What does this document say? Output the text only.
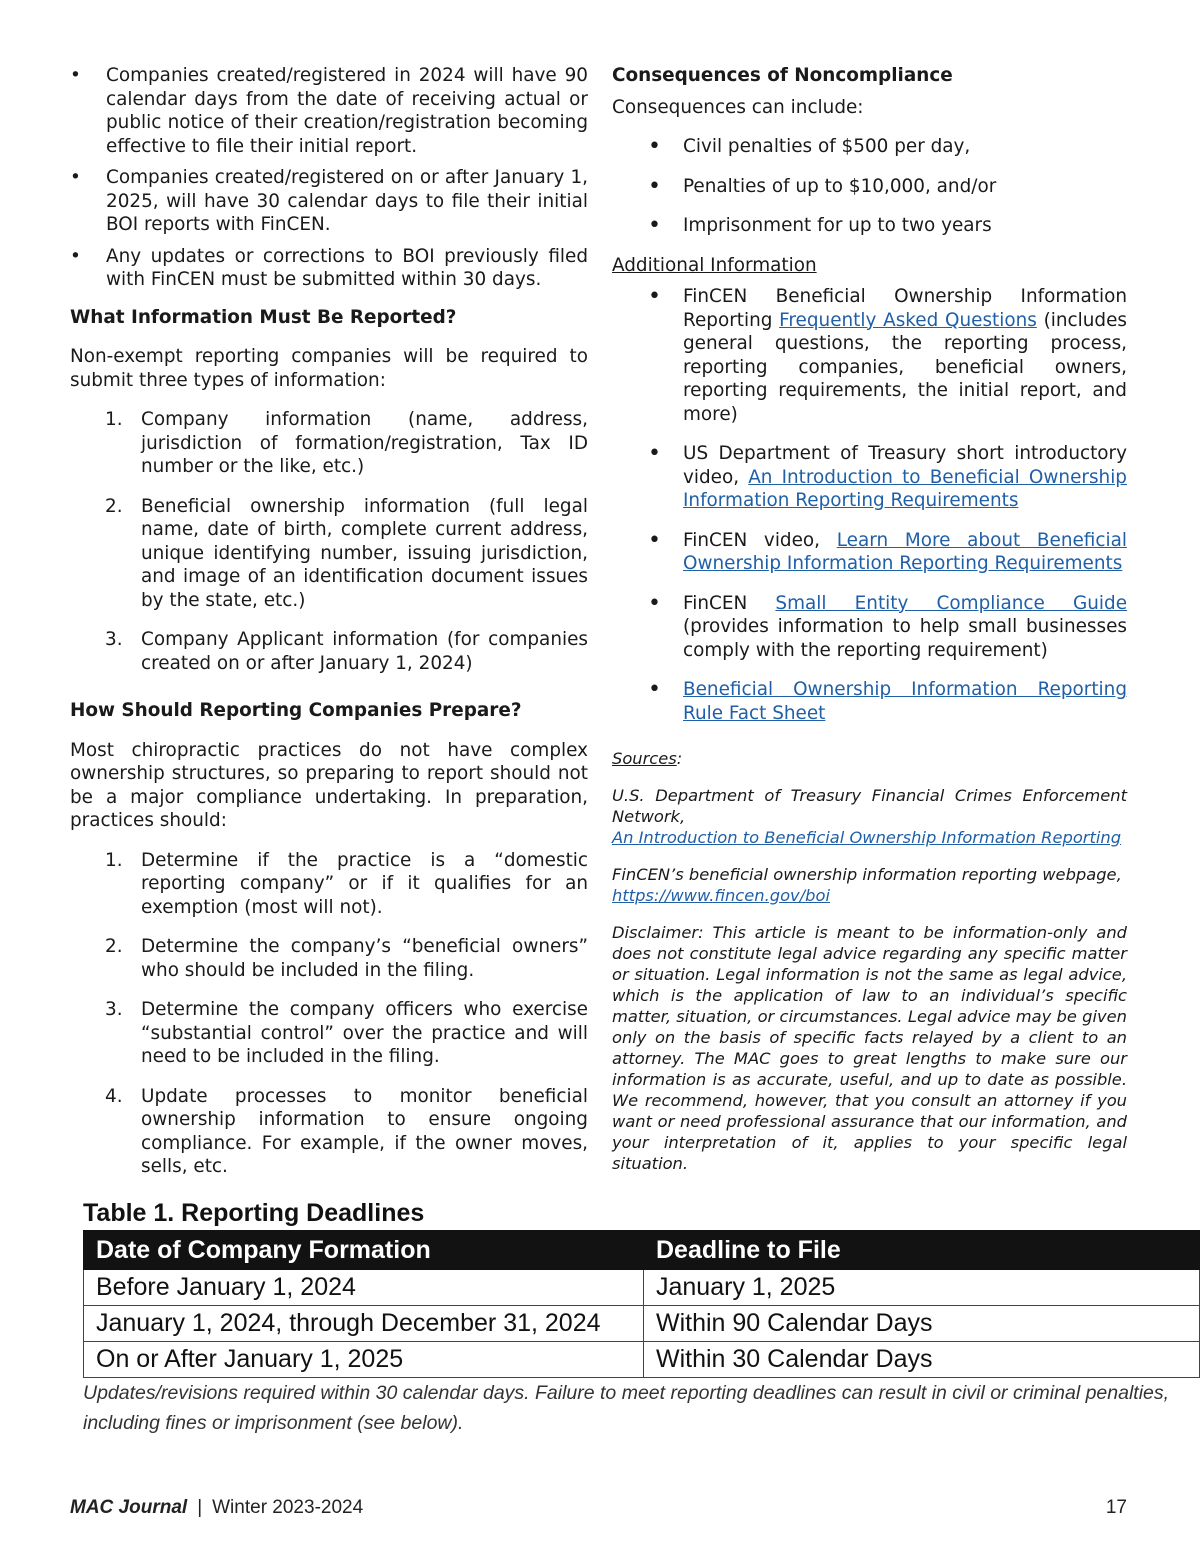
• Companies created/registered in 2024 will have 90 calendar days from the date of receiving actual or public notice of their creation/registration becoming effective to file their initial report.
• Companies created/registered on or after January 1, 2025, will have 30 calendar days to file their initial BOI reports with FinCEN.
• Any updates or corrections to BOI previously filed with FinCEN must be submitted within 30 days.

What Information Must Be Reported?

Non-exempt reporting companies will be required to submit three types of information:

1. Company information (name, address, jurisdiction of formation/registration, Tax ID number or the like, etc.)
2. Beneficial ownership information (full legal name, date of birth, complete current address, unique identifying number, issuing jurisdiction, and image of an identification document issues by the state, etc.)
3. Company Applicant information (for companies created on or after January 1, 2024)

How Should Reporting Companies Prepare?

Most chiropractic practices do not have complex ownership structures, so preparing to report should not be a major compliance undertaking. In preparation, practices should:

1. Determine if the practice is a “domestic reporting company” or if it qualifies for an exemption (most will not).
2. Determine the company’s “beneficial owners” who should be included in the filing.
3. Determine the company officers who exercise “substantial control” over the practice and will need to be included in the filing.
4. Update processes to monitor beneficial ownership information to ensure ongoing compliance. For example, if the owner moves, sells, etc.

Consequences of Noncompliance

Consequences can include:

• Civil penalties of $500 per day,
• Penalties of up to $10,000, and/or
• Imprisonment for up to two years

Additional Information

• FinCEN Beneficial Ownership Information Reporting Frequently Asked Questions (includes general questions, the reporting process, reporting companies, beneficial owners, reporting requirements, the initial report, and more)
• US Department of Treasury short introductory video, An Introduction to Beneficial Ownership Information Reporting Requirements
• FinCEN video, Learn More about Beneficial Ownership Information Reporting Requirements
• FinCEN Small Entity Compliance Guide (provides information to help small businesses comply with the reporting requirement)
• Beneficial Ownership Information Reporting Rule Fact Sheet

Sources:

U.S. Department of Treasury Financial Crimes Enforcement Network,
An Introduction to Beneficial Ownership Information Reporting

FinCEN’s beneficial ownership information reporting webpage,
https://www.fincen.gov/boi

Disclaimer: This article is meant to be information-only and does not constitute legal advice regarding any specific matter or situation. Legal information is not the same as legal advice, which is the application of law to an individual’s specific matter, situation, or circumstances. Legal advice may be given only on the basis of specific facts relayed by a client to an attorney. The MAC goes to great lengths to make sure our information is as accurate, useful, and up to date as possible. We recommend, however, that you consult an attorney if you want or need professional assurance that our information, and your interpretation of it, applies to your specific legal situation.

Table 1. Reporting Deadlines
Date of Company Formation	Deadline to File
Before January 1, 2024	January 1, 2025
January 1, 2024, through December 31, 2024	Within 90 Calendar Days
On or After January 1, 2025	Within 30 Calendar Days
Updates/revisions required within 30 calendar days. Failure to meet reporting deadlines can result in civil or criminal penalties, including fines or imprisonment (see below).
MAC Journal | Winter 2023-2024	17
